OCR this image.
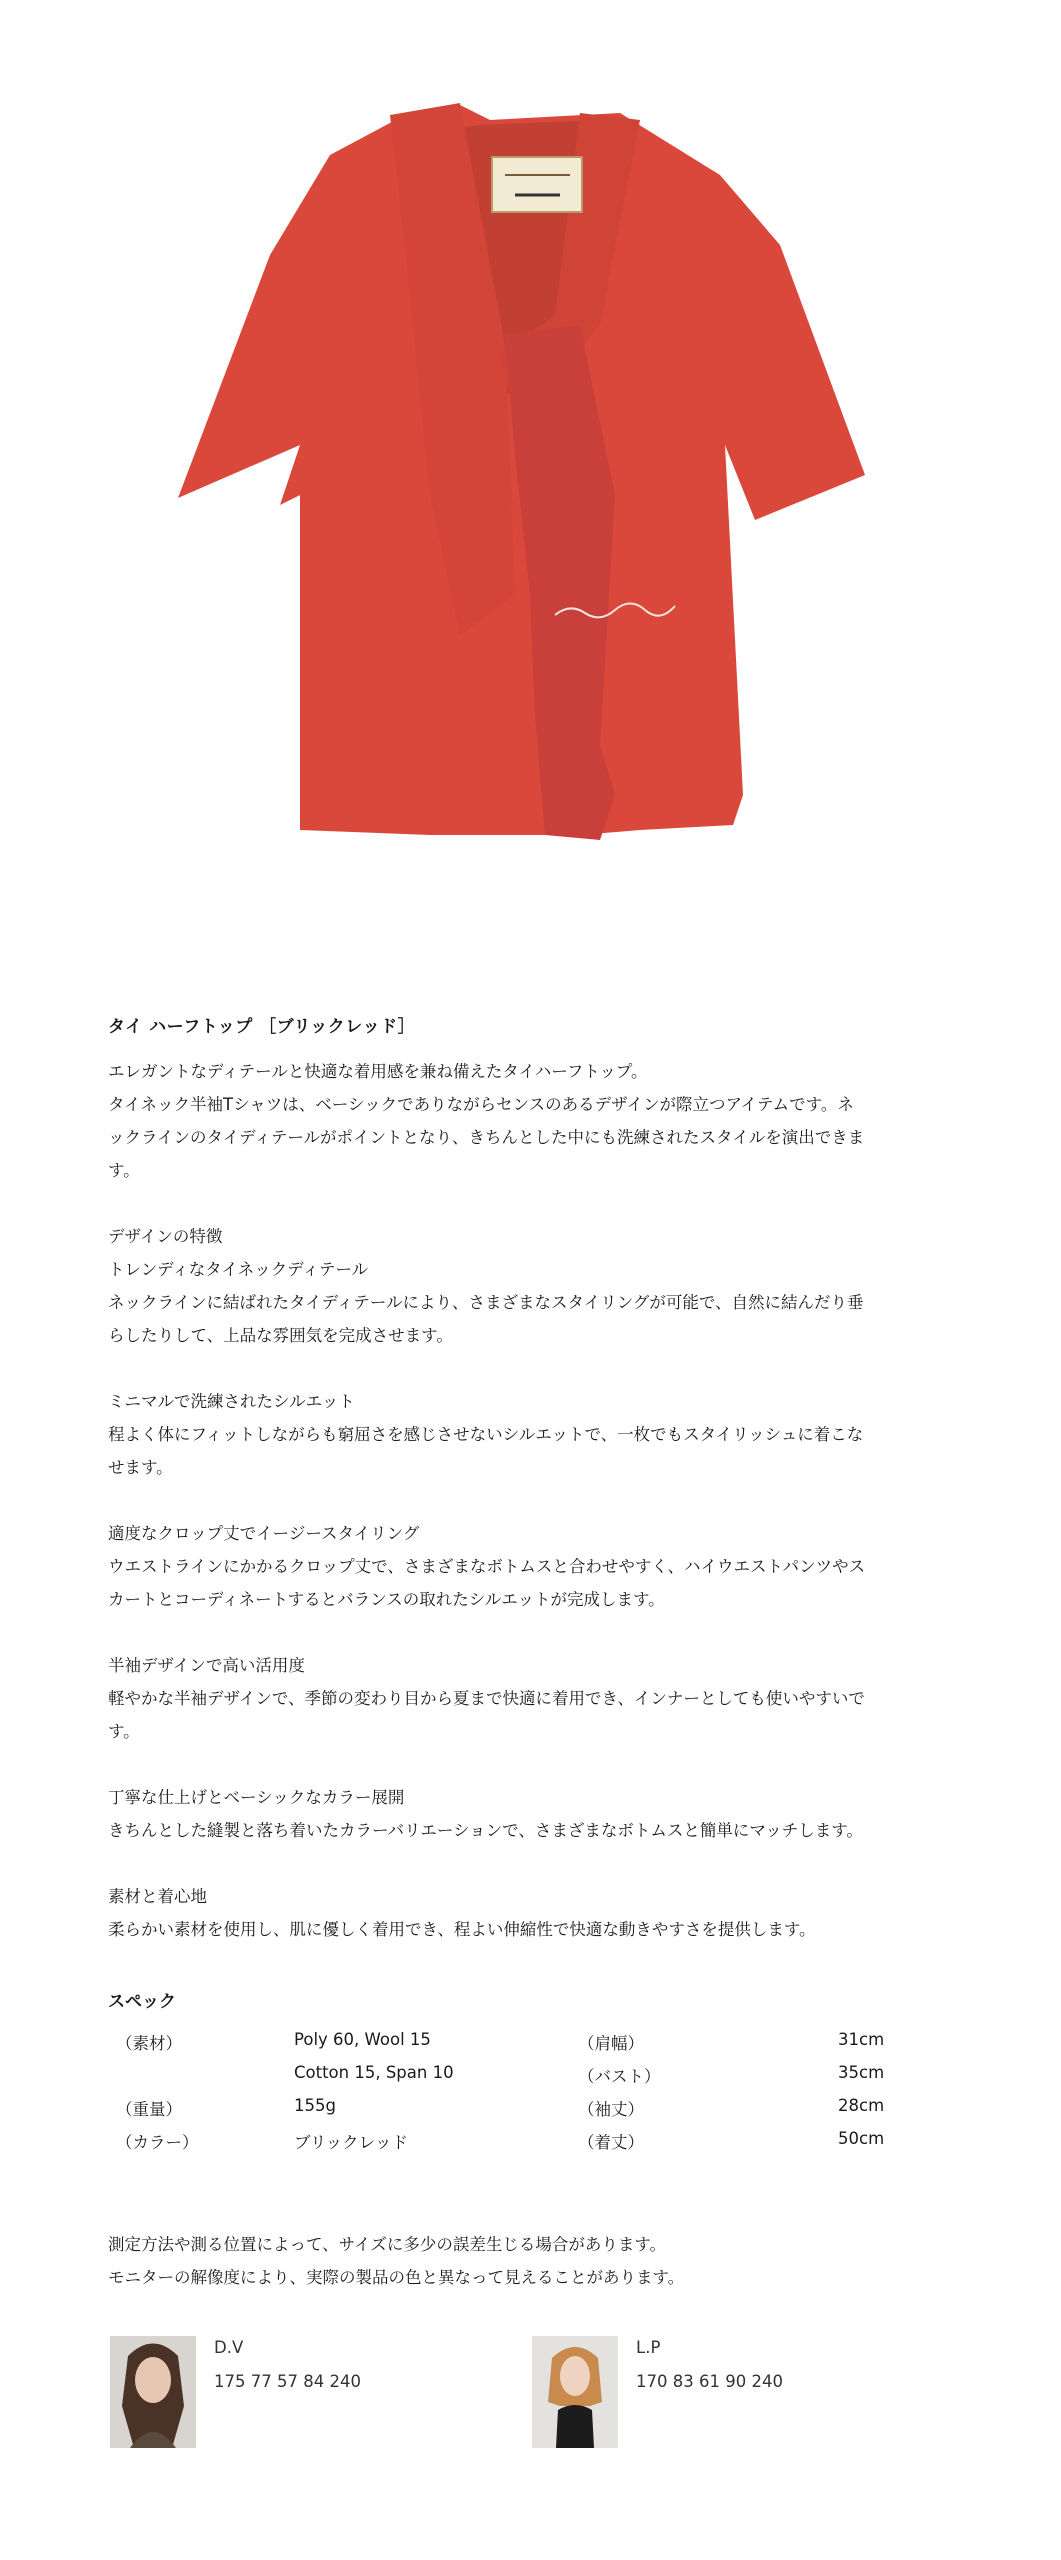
タイ ハーフトップ ［ブリックレッド］

エレガントなディテールと快適な着用感を兼ね備えたタイハーフトップ。

タイネック半袖Tシャツは、ベーシックでありながらセンスのあるデザインが際立つアイテムです。ネ

ックラインのタイディテールがポイントとなり、きちんとした中にも洗練されたスタイルを演出できま

す。

デザインの特徴

トレンディなタイネックディテール

ネックラインに結ばれたタイディテールにより、さまざまなスタイリングが可能で、自然に結んだり垂

らしたりして、上品な雰囲気を完成させます。

ミニマルで洗練されたシルエット

程よく体にフィットしながらも窮屈さを感じさせないシルエットで、一枚でもスタイリッシュに着こな

せます。

適度なクロップ丈でイージースタイリング

ウエストラインにかかるクロップ丈で、さまざまなボトムスと合わせやすく、ハイウエストパンツやス

カートとコーディネートするとバランスの取れたシルエットが完成します。

半袖デザインで高い活用度

軽やかな半袖デザインで、季節の変わり目から夏まで快適に着用でき、インナーとしても使いやすいで

す。

丁寧な仕上げとベーシックなカラー展開

きちんとした縫製と落ち着いたカラーバリエーションで、さまざまなボトムスと簡単にマッチします。

素材と着心地

柔らかい素材を使用し、肌に優しく着用でき、程よい伸縮性で快適な動きやすさを提供します。

スペック
（素材）	Poly 60, Wool 15	（肩幅）	31cm
Cotton 15, Span 10	（バスト）	35cm
（重量）	155g	（袖丈）	28cm
（カラー）	ブリックレッド	（着丈）	50cm

測定方法や測る位置によって、サイズに多少の誤差生じる場合があります。

モニターの解像度により、実際の製品の色と異なって見えることがあります。

D.V
175 77 57 84 240
L.P
170 83 61 90 240
